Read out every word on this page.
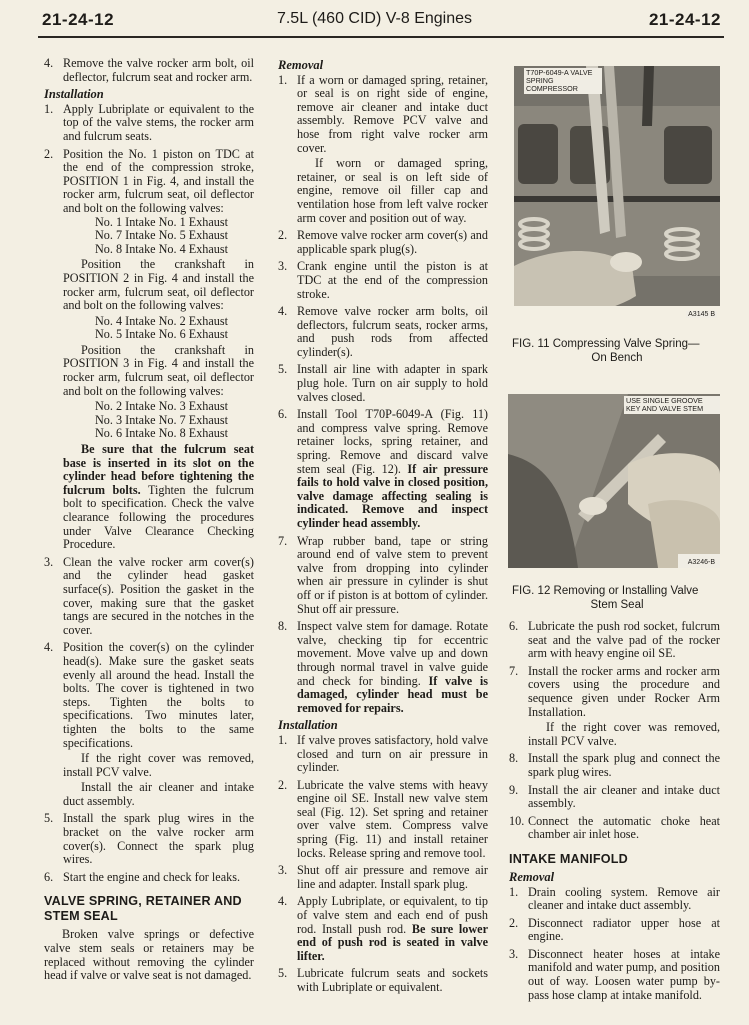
21-24-12	7.5L (460 CID) V-8 Engines	21-24-12
4. Remove the valve rocker arm bolt, oil deflector, fulcrum seat and rocker arm.
Installation
1. Apply Lubriplate or equivalent to the top of the valve stems, the rocker arm and fulcrum seats.
2. Position the No. 1 piston on TDC at the end of the compression stroke, POSITION 1 in Fig. 4, and install the rocker arm, fulcrum seat, oil deflector and bolt on the following valves:
No. 1 Intake No. 1 Exhaust
No. 7 Intake No. 5 Exhaust
No. 8 Intake No. 4 Exhaust
Position the crankshaft in POSITION 2 in Fig. 4 and install the rocker arm, fulcrum seat, oil deflector and bolt on the following valves:
No. 4 Intake No. 2 Exhaust
No. 5 Intake No. 6 Exhaust
Position the crankshaft in POSITION 3 in Fig. 4 and install the rocker arm, fulcrum seat, oil deflector and bolt on the following valves:
No. 2 Intake No. 3 Exhaust
No. 3 Intake No. 7 Exhaust
No. 6 Intake No. 8 Exhaust
Be sure that the fulcrum seat base is inserted in its slot on the cylinder head before tightening the fulcrum bolts. Tighten the fulcrum bolt to specification. Check the valve clearance following the procedures under Valve Clearance Checking Procedure.
3. Clean the valve rocker arm cover(s) and the cylinder head gasket surface(s). Position the gasket in the cover, making sure that the gasket tangs are secured in the notches in the cover.
4. Position the cover(s) on the cylinder head(s). Make sure the gasket seats evenly all around the head. Install the bolts. The cover is tightened in two steps. Tighten the bolts to specifications. Two minutes later, tighten the bolts to the same specifications.
If the right cover was removed, install PCV valve.
Install the air cleaner and intake duct assembly.
5. Install the spark plug wires in the bracket on the valve rocker arm cover(s). Connect the spark plug wires.
6. Start the engine and check for leaks.
VALVE SPRING, RETAINER AND STEM SEAL
Broken valve springs or defective valve stem seals or retainers may be replaced without removing the cylinder head if valve or valve seat is not damaged.
Removal
1. If a worn or damaged spring, retainer, or seal is on right side of engine, remove air cleaner and intake duct assembly. Remove PCV valve and hose from right valve rocker arm cover.
If worn or damaged spring, retainer, or seal is on left side of engine, remove oil filler cap and ventilation hose from left valve rocker arm cover and position out of way.
2. Remove valve rocker arm cover(s) and applicable spark plug(s).
3. Crank engine until the piston is at TDC at the end of the compression stroke.
4. Remove valve rocker arm bolts, oil deflectors, fulcrum seats, rocker arms, and push rods from affected cylinder(s).
5. Install air line with adapter in spark plug hole. Turn on air supply to hold valves closed.
6. Install Tool T70P-6049-A (Fig. 11) and compress valve spring. Remove retainer locks, spring retainer, and spring. Remove and discard valve stem seal (Fig. 12). If air pressure fails to hold valve in closed position, valve damage affecting sealing is indicated. Remove and inspect cylinder head assembly.
7. Wrap rubber band, tape or string around end of valve stem to prevent valve from dropping into cylinder when air pressure in cylinder is shut off or if piston is at bottom of cylinder. Shut off air pressure.
8. Inspect valve stem for damage. Rotate valve, checking tip for eccentric movement. Move valve up and down through normal travel in valve guide and check for binding. If valve is damaged, cylinder head must be removed for repairs.
Installation
1. If valve proves satisfactory, hold valve closed and turn on air pressure in cylinder.
2. Lubricate the valve stems with heavy engine oil SE. Install new valve stem seal (Fig. 12). Set spring and retainer over valve stem. Compress valve spring (Fig. 11) and install retainer locks. Release spring and remove tool.
3. Shut off air pressure and remove air line and adapter. Install spark plug.
4. Apply Lubriplate, or equivalent, to tip of valve stem and each end of push rod. Install push rod. Be sure lower end of push rod is seated in valve lifter.
5. Lubricate fulcrum seats and sockets with Lubriplate or equivalent.
T70P-6049-A VALVE SPRING COMPRESSOR
A3145 B
FIG. 11 Compressing Valve Spring—
On Bench
USE SINGLE GROOVE KEY AND VALVE STEM
A3246-B
FIG. 12 Removing or Installing Valve
Stem Seal
6. Lubricate the push rod socket, fulcrum seat and the valve pad of the rocker arm with heavy engine oil SE.
7. Install the rocker arms and rocker arm covers using the procedure and sequence given under Rocker Arm Installation.
If the right cover was removed, install PCV valve.
8. Install the spark plug and connect the spark plug wires.
9. Install the air cleaner and intake duct assembly.
10. Connect the automatic choke heat chamber air inlet hose.
INTAKE MANIFOLD
Removal
1. Drain cooling system. Remove air cleaner and intake duct assembly.
2. Disconnect radiator upper hose at engine.
3. Disconnect heater hoses at intake manifold and water pump, and position out of way. Loosen water pump by-pass hose clamp at intake manifold.
